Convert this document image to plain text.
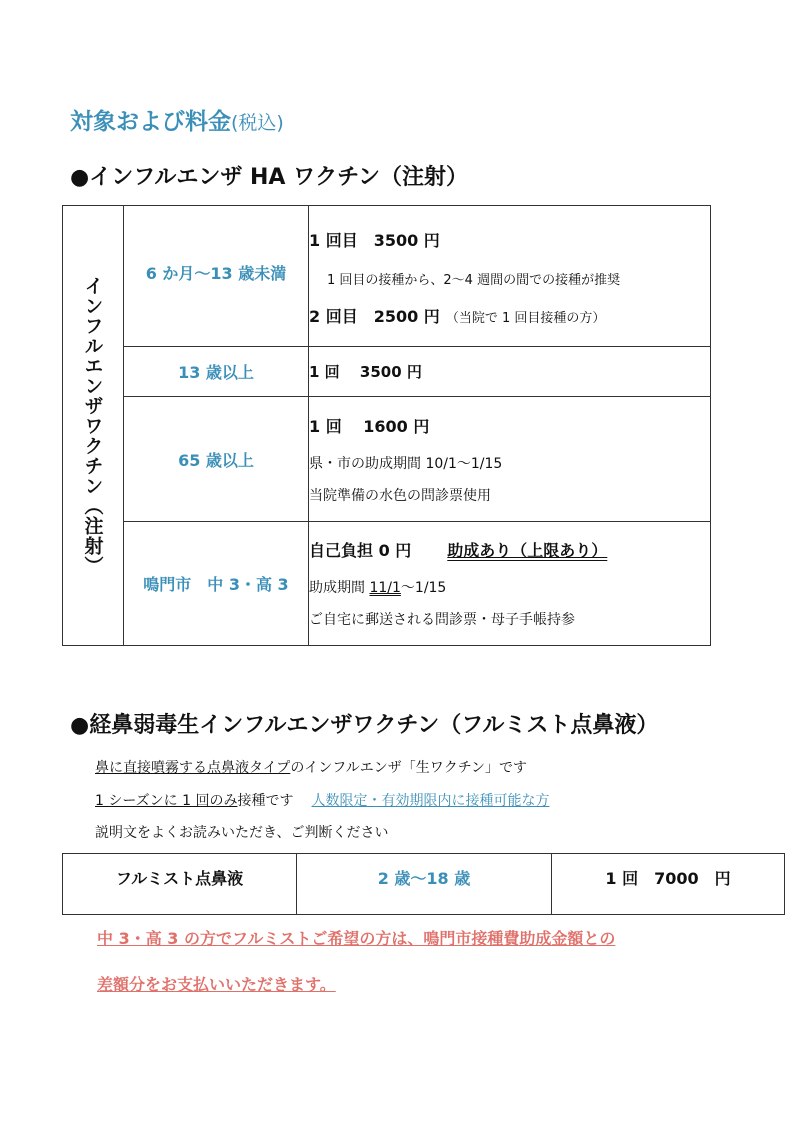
対象および料金(税込)
●インフルエンザ HA ワクチン（注射）
インフルエンザワクチン（注射）	6 か月〜13 歳未満	1 回目　3500 円
1 回目の接種から、2〜4 週間の間での接種が推奨
2 回目　2500 円 （当院で 1 回目接種の方）

	13 歳以上	1 回　 3500 円
	65 歳以上	1 回　 1600 円
県・市の助成期間 10/1〜1/15
当院準備の水色の問診票使用

	鳴門市　中 3・高 3	自己負担 0 円 助成あり（上限あり）
助成期間 11/1〜1/15
ご自宅に郵送される問診票・母子手帳持参
●経鼻弱毒生インフルエンザワクチン（フルミスト点鼻液）
鼻に直接噴霧する点鼻液タイプのインフルエンザ「生ワクチン」です
1 シーズンに 1 回のみ接種です 人数限定・有効期限内に接種可能な方
説明文をよくお読みいただき、ご判断ください
フルミスト点鼻液	2 歳〜18 歳	1 回　7000　円
中 3・高 3 の方でフルミストご希望の方は、鳴門市接種費助成金額との
差額分をお支払いいただきます。
